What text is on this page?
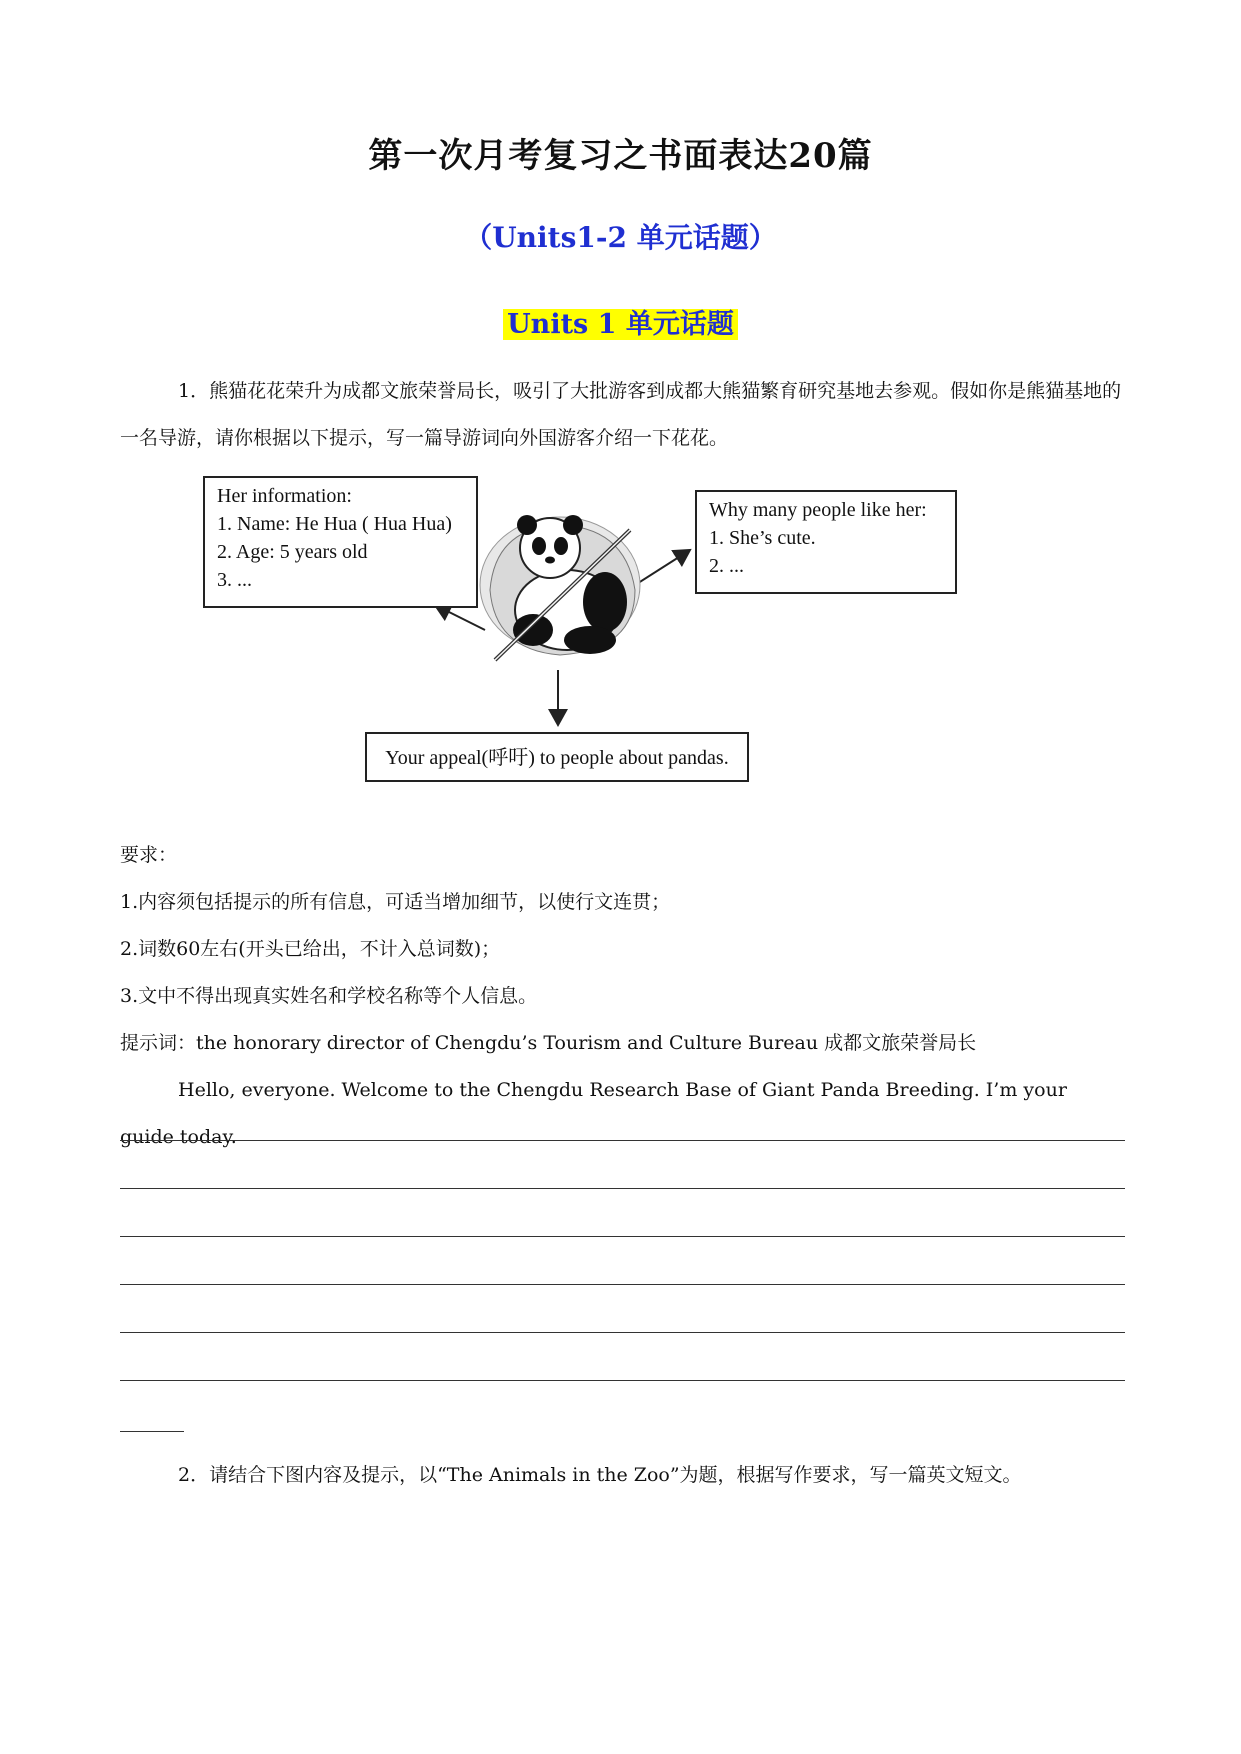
第一次月考复习之书面表达20篇
（Units1-2 单元话题）
Units 1 单元话题
1．熊猫花花荣升为成都文旅荣誉局长，吸引了大批游客到成都大熊猫繁育研究基地去参观。假如你是熊猫基地的一名导游，请你根据以下提示，写一篇导游词向外国游客介绍一下花花。
Her information:
1. Name: He Hua ( Hua Hua)
2. Age: 5 years old
3. ...
Why many people like her:
1. She’s cute.
2. ...
Your appeal(呼吁) to people about pandas.
要求：
1.内容须包括提示的所有信息，可适当增加细节，以使行文连贯；
2.词数60左右(开头已给出，不计入总词数)；
3.文中不得出现真实姓名和学校名称等个人信息。
提示词：the honorary director of Chengdu’s Tourism and Culture Bureau 成都文旅荣誉局长
Hello, everyone. Welcome to the Chengdu Research Base of Giant Panda Breeding. I’m your guide today.
2．请结合下图内容及提示，以“The Animals in the Zoo”为题，根据写作要求，写一篇英文短文。
